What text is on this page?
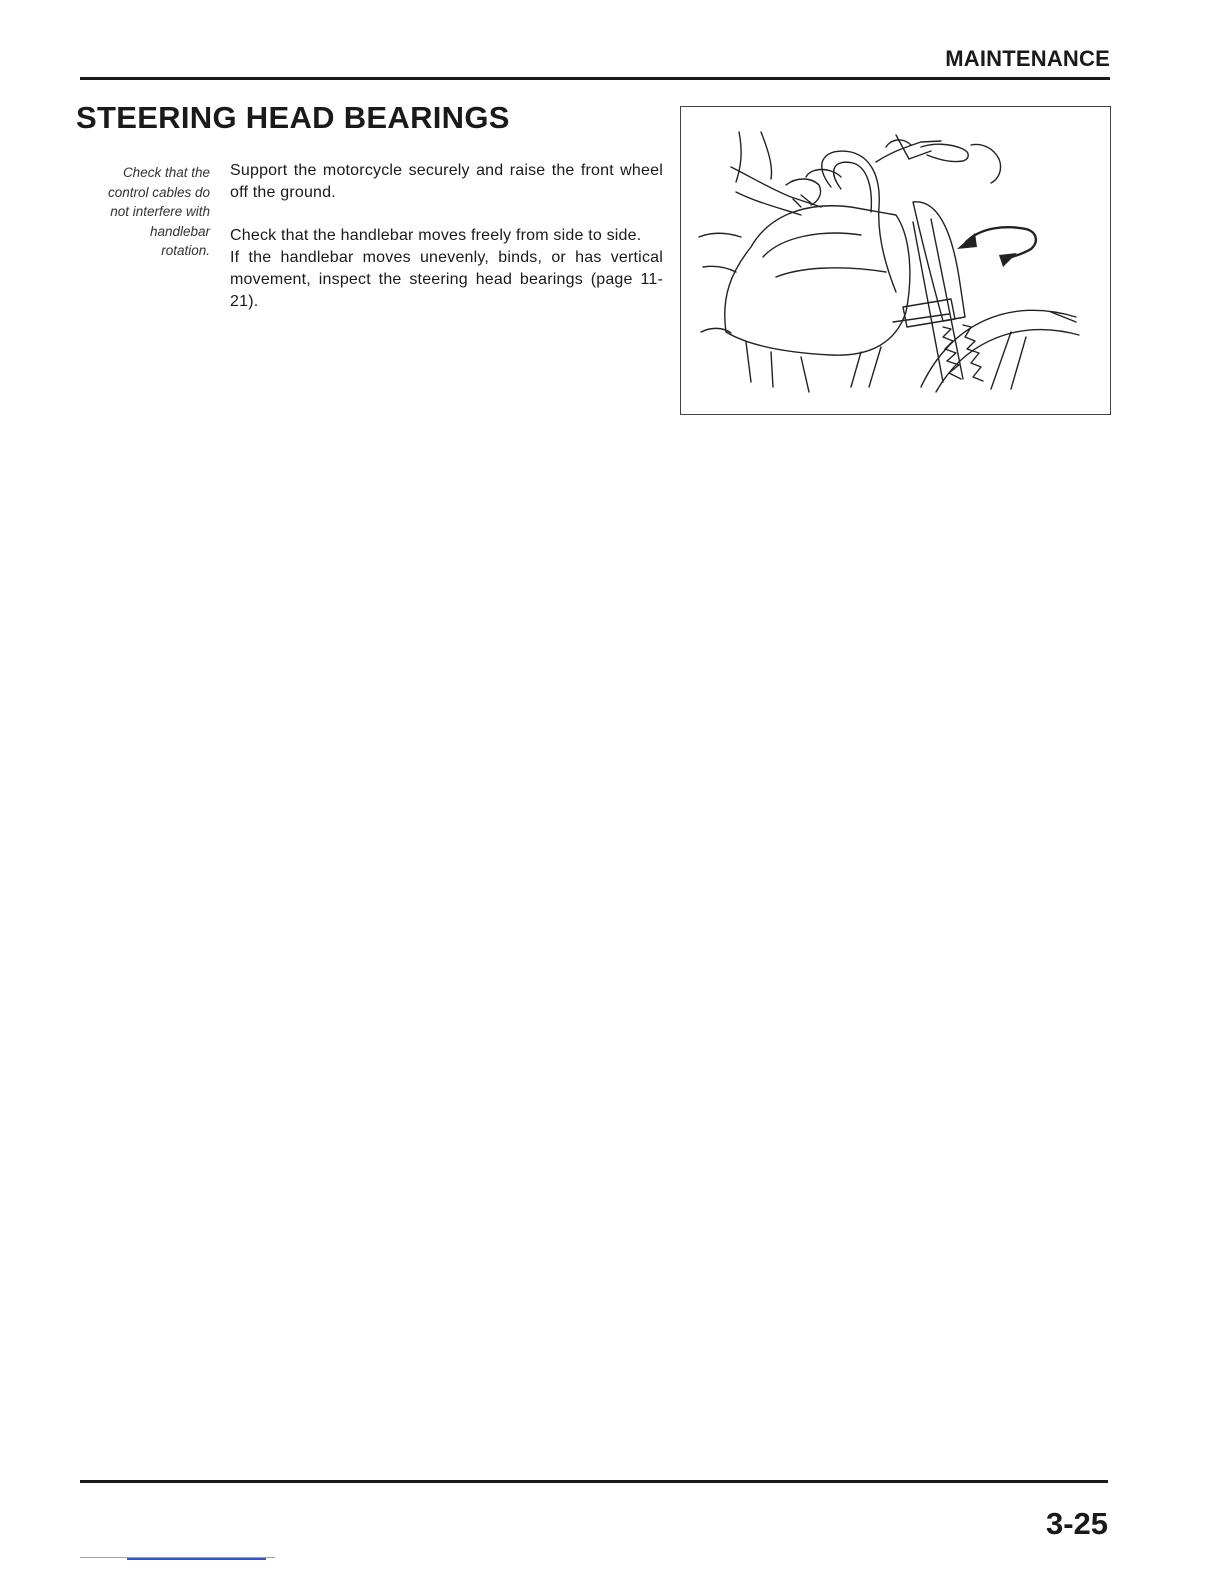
MAINTENANCE
STEERING HEAD BEARINGS
Check that the
control cables do
not interfere with
handlebar
rotation.

Support the motorcycle securely and raise the front wheel off the ground.

Check that the handlebar moves freely from side to side.

If the handlebar moves unevenly, binds, or has vertical movement, inspect the steering head bearings (page 11-21).

3-25
